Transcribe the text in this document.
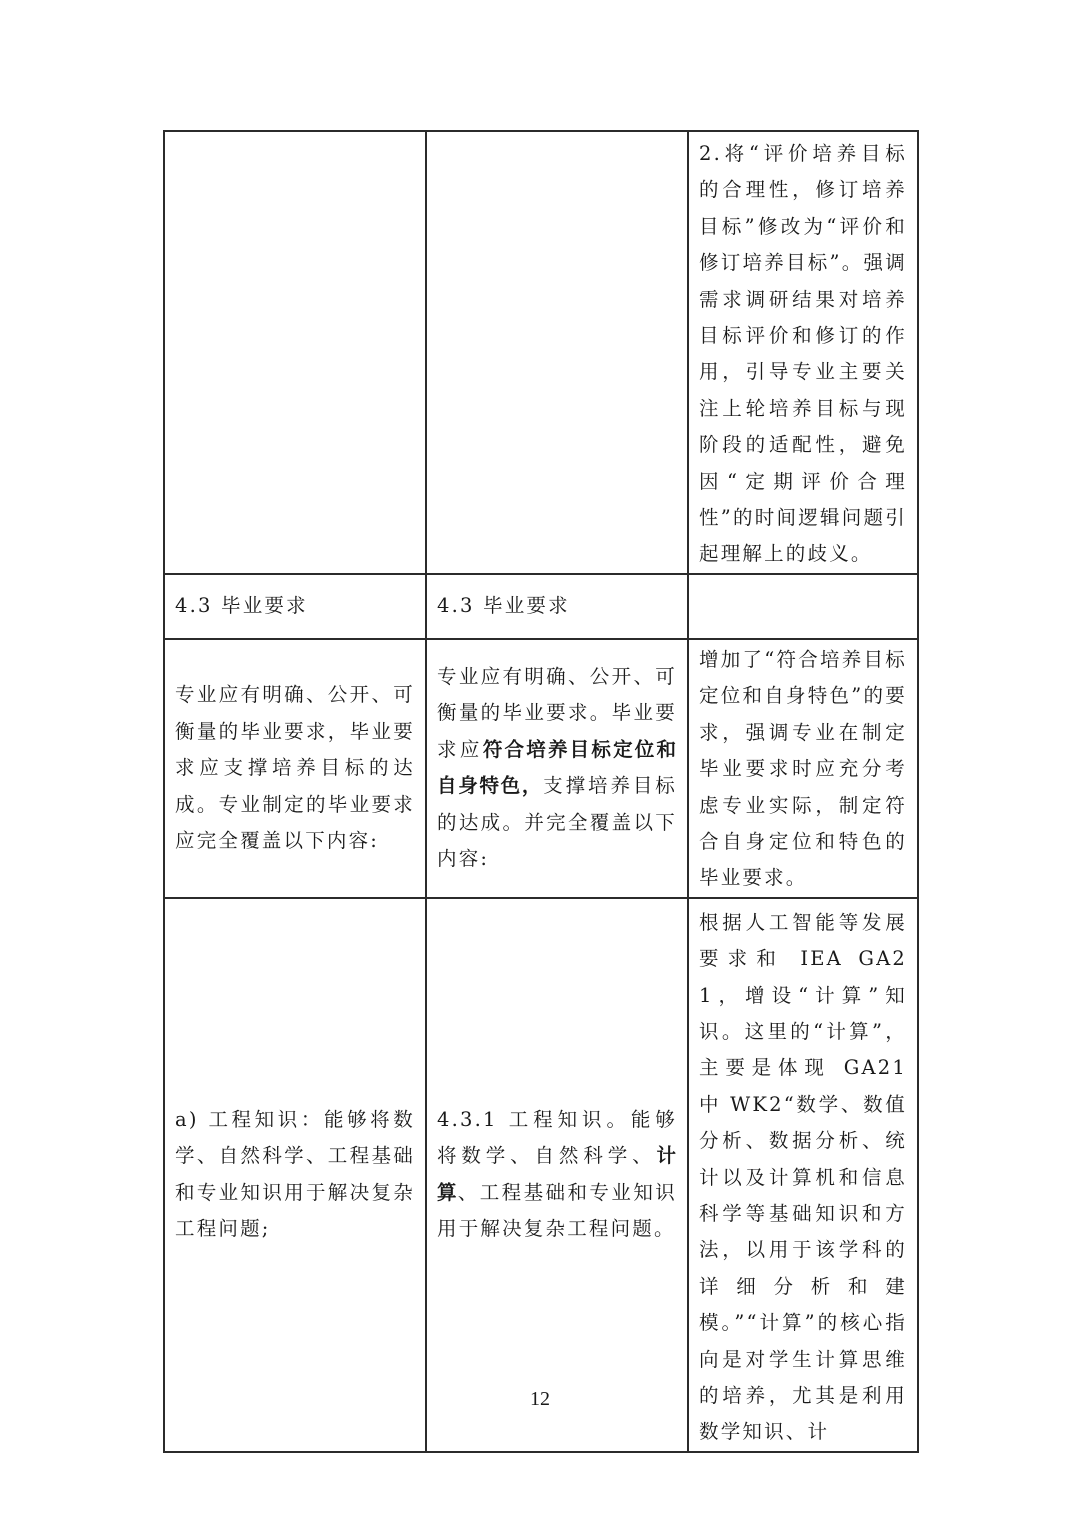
		2.将“评价培养目标的合理性，修订培养目标”修改为“评价和修订培养目标”。强调需求调研结果对培养目标评价和修订的作用，引导专业主要关注上轮培养目标与现阶段的适配性，避免因“定期评价合理性”的时间逻辑问题引起理解上的歧义。
4.3 毕业要求	4.3 毕业要求	
专业应有明确、公开、可衡量的毕业要求，毕业要求应支撑培养目标的达成。专业制定的毕业要求应完全覆盖以下内容:	专业应有明确、公开、可衡量的毕业要求。毕业要求应符合培养目标定位和自身特色，支撑培养目标的达成。并完全覆盖以下内容:	增加了“符合培养目标定位和自身特色”的要求，强调专业在制定毕业要求时应充分考虑专业实际，制定符合自身定位和特色的毕业要求。
a) 工程知识：能够将数学、自然科学、工程基础和专业知识用于解决复杂工程问题;	4.3.1 工程知识。能够将数学、自然科学、计算、工程基础和专业知识用于解决复杂工程问题。	根据人工智能等发展要求和 IEA GA21，增设“计算”知识。这里的“计算”，主要是体现 GA21 中 WK2“数学、数值分析、数据分析、统计以及计算机和信息科学等基础知识和方法，以用于该学科的详细分析和建模。”“计算”的核心指向是对学生计算思维的培养，尤其是利用数学知识、计
12
